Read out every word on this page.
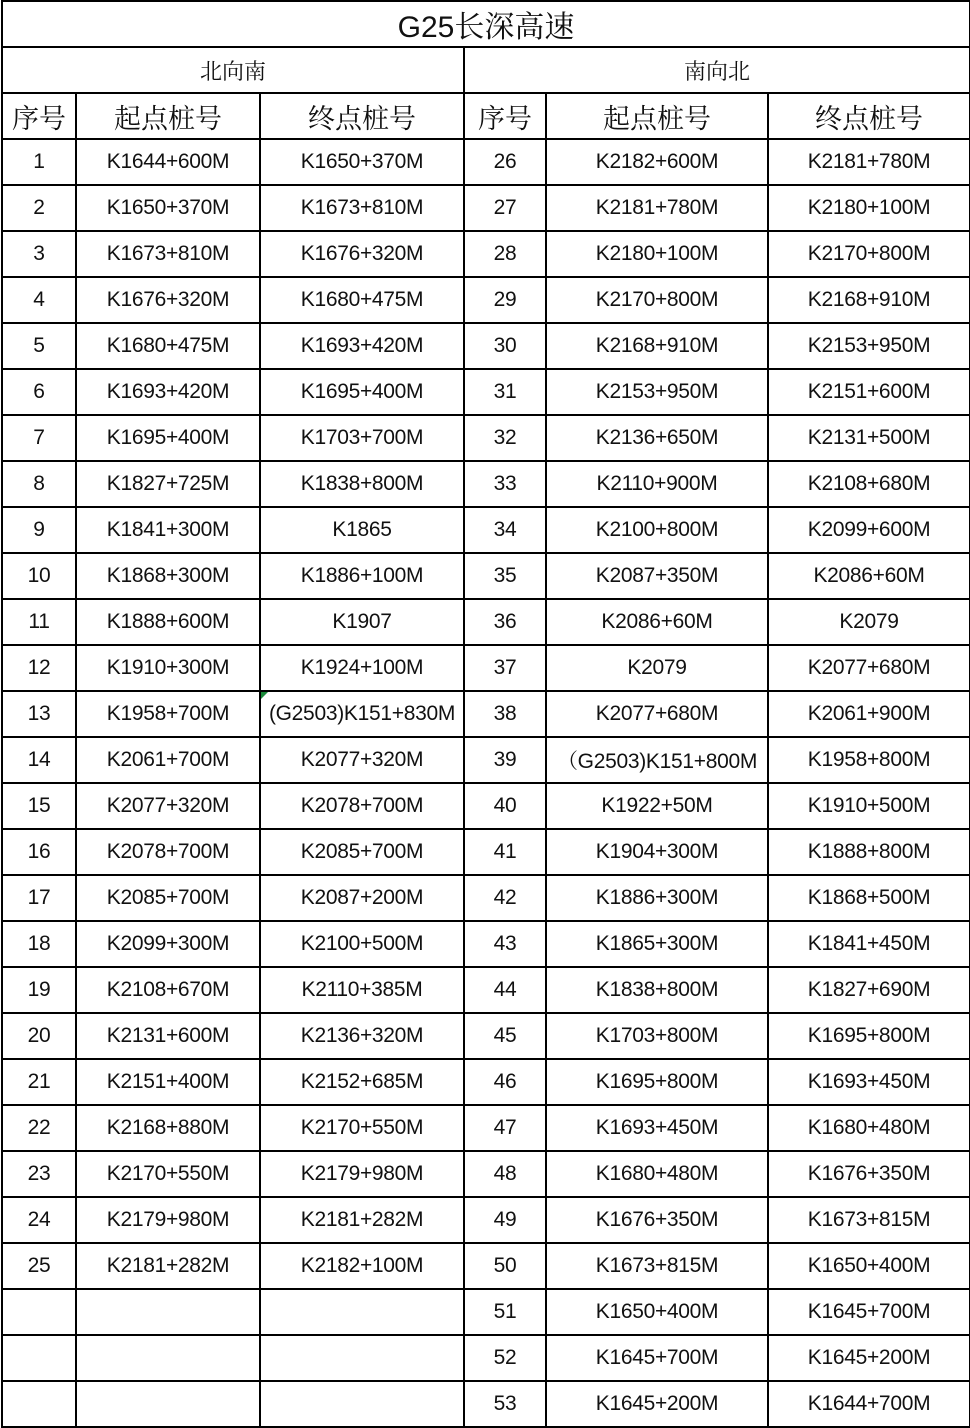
G25长深高速					
北向南			南向北		
序号	起点桩号	终点桩号	序号	起点桩号	终点桩号
1	K1644+600M	K1650+370M	26	K2182+600M	K2181+780M
2	K1650+370M	K1673+810M	27	K2181+780M	K2180+100M
3	K1673+810M	K1676+320M	28	K2180+100M	K2170+800M
4	K1676+320M	K1680+475M	29	K2170+800M	K2168+910M
5	K1680+475M	K1693+420M	30	K2168+910M	K2153+950M
6	K1693+420M	K1695+400M	31	K2153+950M	K2151+600M
7	K1695+400M	K1703+700M	32	K2136+650M	K2131+500M
8	K1827+725M	K1838+800M	33	K2110+900M	K2108+680M
9	K1841+300M	K1865	34	K2100+800M	K2099+600M
10	K1868+300M	K1886+100M	35	K2087+350M	K2086+60M
11	K1888+600M	K1907	36	K2086+60M	K2079
12	K1910+300M	K1924+100M	37	K2079	K2077+680M
13	K1958+700M	(G2503)K151+830M	38	K2077+680M	K2061+900M
14	K2061+700M	K2077+320M	39	（G2503)K151+800M	K1958+800M
15	K2077+320M	K2078+700M	40	K1922+50M	K1910+500M
16	K2078+700M	K2085+700M	41	K1904+300M	K1888+800M
17	K2085+700M	K2087+200M	42	K1886+300M	K1868+500M
18	K2099+300M	K2100+500M	43	K1865+300M	K1841+450M
19	K2108+670M	K2110+385M	44	K1838+800M	K1827+690M
20	K2131+600M	K2136+320M	45	K1703+800M	K1695+800M
21	K2151+400M	K2152+685M	46	K1695+800M	K1693+450M
22	K2168+880M	K2170+550M	47	K1693+450M	K1680+480M
23	K2170+550M	K2179+980M	48	K1680+480M	K1676+350M
24	K2179+980M	K2181+282M	49	K1676+350M	K1673+815M
25	K2181+282M	K2182+100M	50	K1673+815M	K1650+400M
			51	K1650+400M	K1645+700M
			52	K1645+700M	K1645+200M
			53	K1645+200M	K1644+700M
